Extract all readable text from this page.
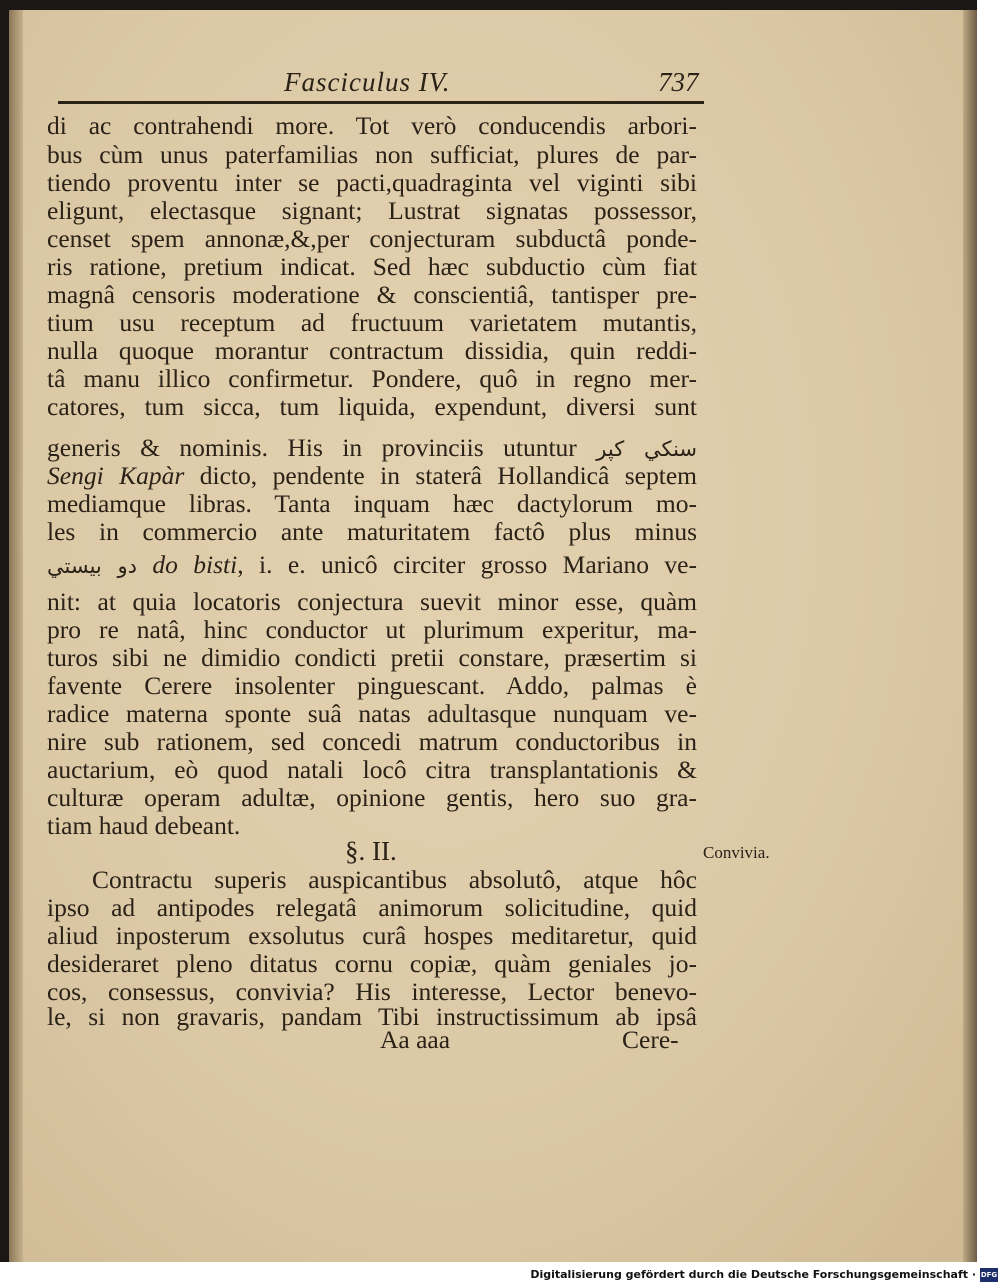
Fasciculus IV.	737

di ac contrahendi more. Tot verò conducendis arbori-

bus cùm unus paterfamilias non sufficiat, plures de par-

tiendo proventu inter se pacti,quadraginta vel viginti sibi

eligunt, electasque signant; Lustrat signatas possessor,

censet spem annonæ,&,per conjecturam subductâ ponde-

ris ratione, pretium indicat. Sed hæc subductio cùm fiat

magnâ censoris moderatione & conscientiâ, tantisper pre-

tium usu receptum ad fructuum varietatem mutantis,

nulla quoque morantur contractum dissidia, quin reddi-

tâ manu illico confirmetur. Pondere, quô in regno mer-

catores, tum sicca, tum liquida, expendunt, diversi sunt

generis & nominis. His in provinciis utuntur سنكي كپر

Sengi Kapàr dicto, pendente in staterâ Hollandicâ septem

mediamque libras. Tanta inquam hæc dactylorum mo-

les in commercio ante maturitatem factô plus minus

دو بيستي do bisti, i. e. unicô circiter grosso Mariano ve-

nit: at quia locatoris conjectura suevit minor esse, quàm

pro re natâ, hinc conductor ut plurimum experitur, ma-

turos sibi ne dimidio condicti pretii constare, præsertim si

favente Cerere insolenter pinguescant. Addo, palmas è

radice materna sponte suâ natas adultasque nunquam ve-

nire sub rationem, sed concedi matrum conductoribus in

auctarium, eò quod natali locô citra transplantationis &

culturæ operam adultæ, opinione gentis, hero suo gra-

tiam haud debeant.

§. II.	Convivia.

Contractu superis auspicantibus absolutô, atque hôc

ipso ad antipodes relegatâ animorum solicitudine, quid

aliud inposterum exsolutus curâ hospes meditaretur, quid

desideraret pleno ditatus cornu copiæ, quàm geniales jo-

cos, consessus, convivia? His interesse, Lector benevo-

le, si non gravaris, pandam Tibi instructissimum ab ipsâ

Aa aaa	Cere-
Digitalisierung gefördert durch die Deutsche Forschungsgemeinschaft · DFG
